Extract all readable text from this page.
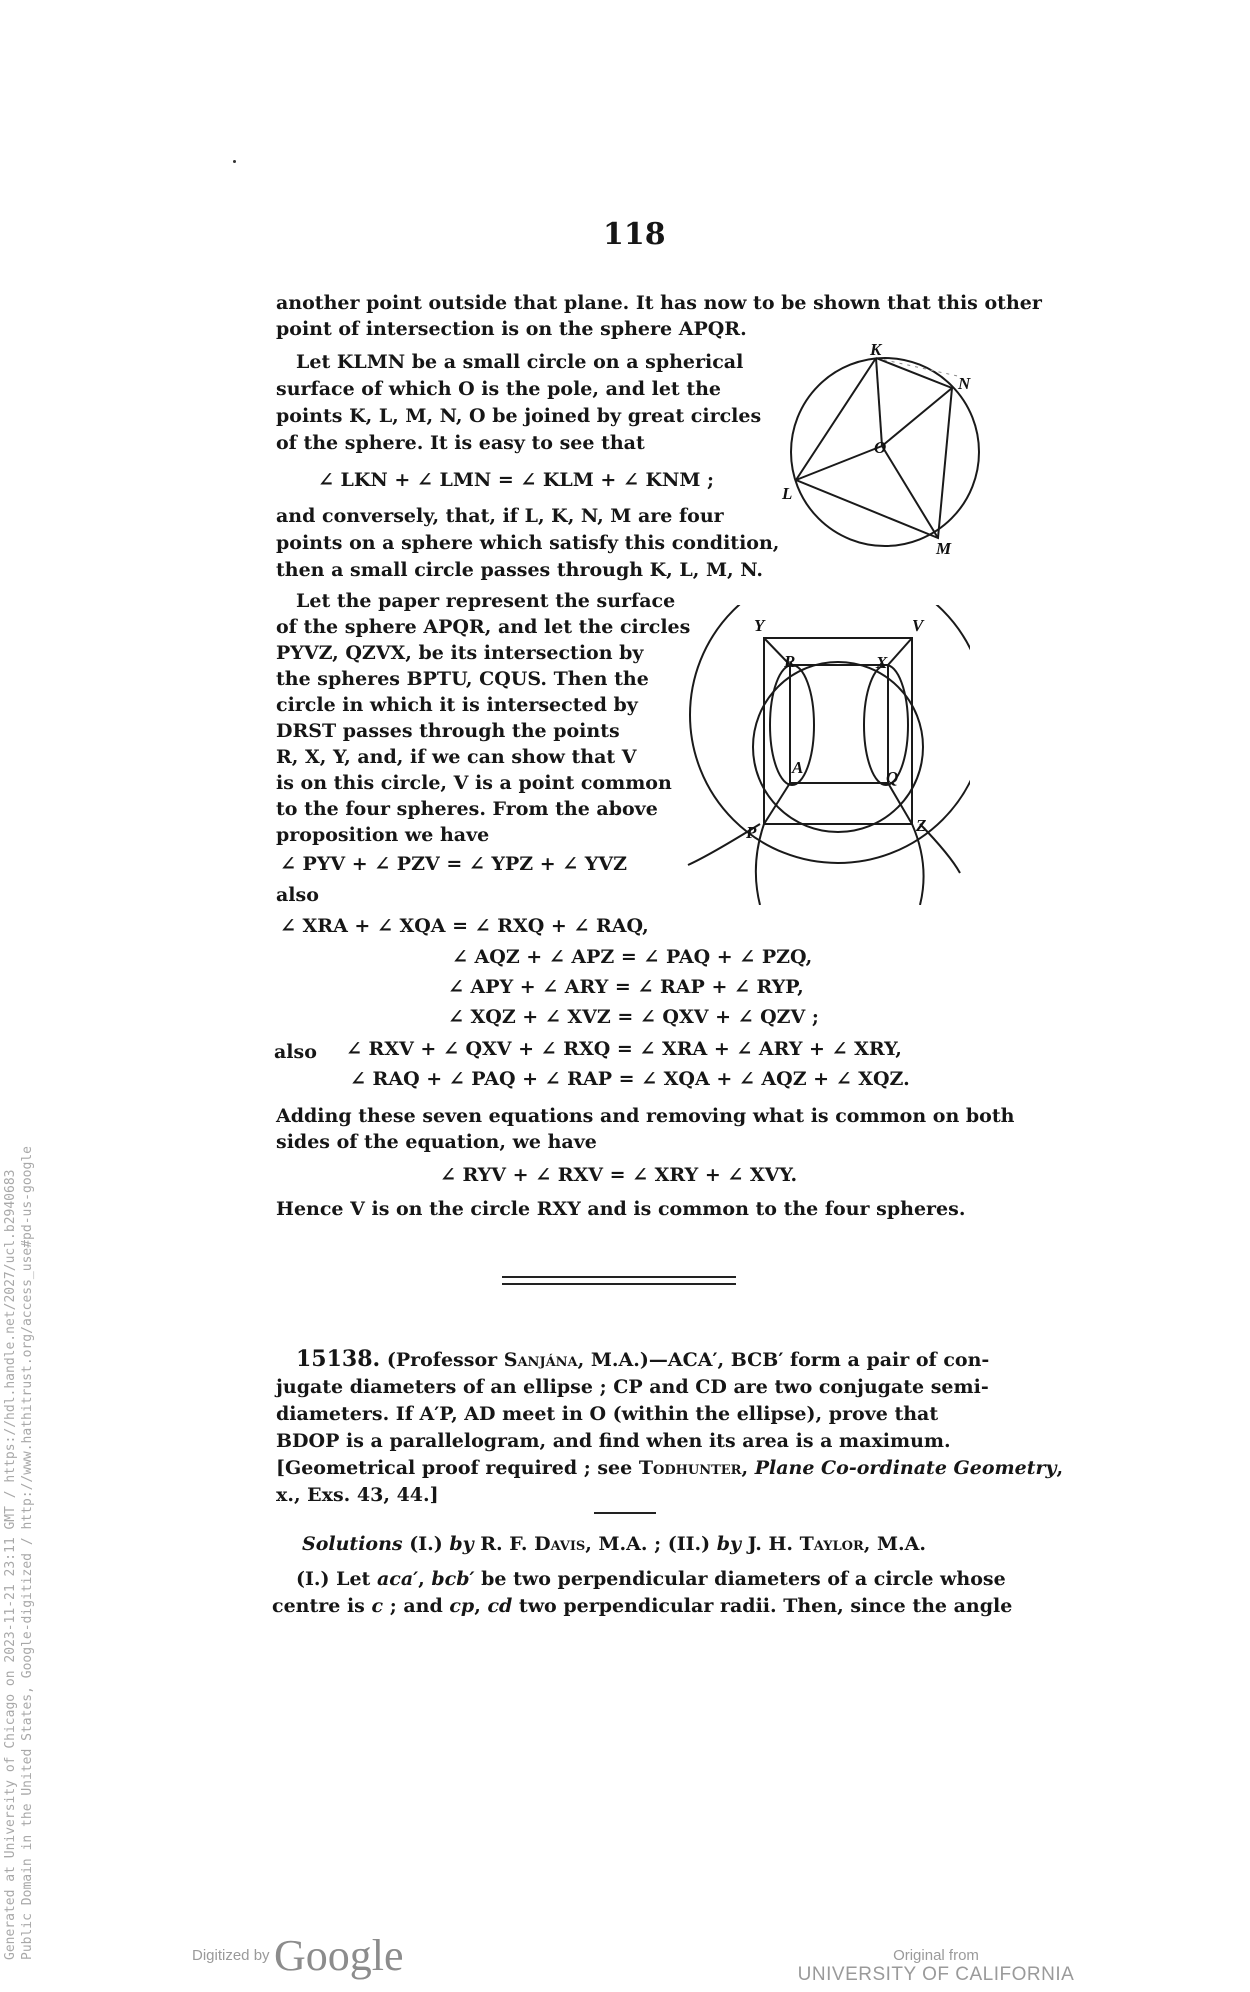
Generated at University of Chicago on 2023-11-21 23:11 GMT / https://hdl.handle.net/2027/ucl.b2940683 Public Domain in the United States, Google-digitized / http://www.hathitrust.org/access_use#pd-us-google
118
another point outside that plane. It has now to be shown that this other
point of intersection is on the sphere APQR.
Let KLMN be a small circle on a spherical
surface of which O is the pole, and let the
points K, L, M, N, O be joined by great circles
of the sphere. It is easy to see that
∠ LKN + ∠ LMN = ∠ KLM + ∠ KNM ;
and conversely, that, if L, K, N, M are four
points on a sphere which satisfy this condition,
then a small circle passes through K, L, M, N.
K
N
O
L
M
Let the paper represent the surface
of the sphere APQR, and let the circles
PYVZ, QZVX, be its intersection by
the spheres BPTU, CQUS. Then the
circle in which it is intersected by
DRST passes through the points
R, X, Y, and, if we can show that V
is on this circle, V is a point common
to the four spheres. From the above
proposition we have
∠ PYV + ∠ PZV = ∠ YPZ + ∠ YVZ
also
Y	V
R	X
A
Q
P	Z
∠ XRA + ∠ XQA = ∠ RXQ + ∠ RAQ,
∠ AQZ + ∠ APZ = ∠ PAQ + ∠ PZQ,
∠ APY + ∠ ARY = ∠ RAP + ∠ RYP,
∠ XQZ + ∠ XVZ = ∠ QXV + ∠ QZV ;
also ∠ RXV + ∠ QXV + ∠ RXQ = ∠ XRA + ∠ ARY + ∠ XRY,
∠ RAQ + ∠ PAQ + ∠ RAP = ∠ XQA + ∠ AQZ + ∠ XQZ.
Adding these seven equations and removing what is common on both
sides of the equation, we have
∠ RYV + ∠ RXV = ∠ XRY + ∠ XVY.
Hence V is on the circle RXY and is common to the four spheres.
15138. (Professor Sanjána, M.A.)—ACA′, BCB′ form a pair of con-
jugate diameters of an ellipse ; CP and CD are two conjugate semi-
diameters. If A′P, AD meet in O (within the ellipse), prove that
BDOP is a parallelogram, and find when its area is a maximum.
[Geometrical proof required ; see Todhunter, Plane Co-ordinate Geometry,
x., Exs. 43, 44.]
Solutions (I.) by R. F. Davis, M.A. ; (II.) by J. H. Taylor, M.A.
(I.) Let aca′, bcb′ be two perpendicular diameters of a circle whose
centre is c ; and cp, cd two perpendicular radii. Then, since the angle
Digitized by Google	Original from
UNIVERSITY OF CALIFORNIA
